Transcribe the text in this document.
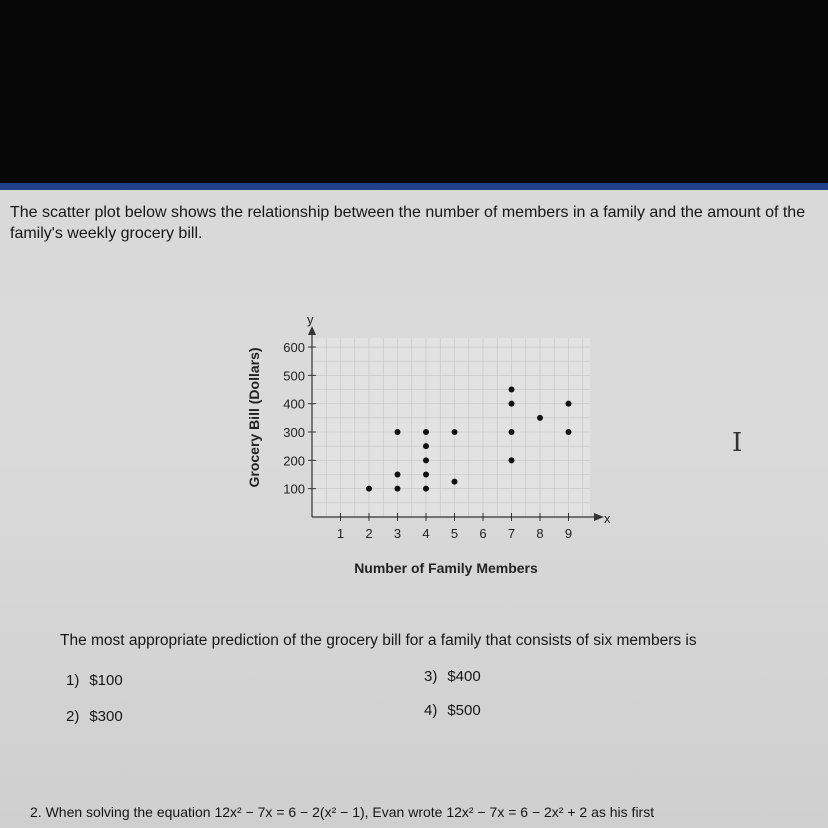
The scatter plot below shows the relationship between the number of members in a family and the amount of the family's weekly grocery bill.
x
y
1 2 3 4 5 6 7 8 9
100
200
300
400
500
600
Number of Family Members
Grocery Bill (Dollars)	I
The most appropriate prediction of the grocery bill for a family that consists of six members is
1) $100
2) $300
3) $400
4) $500
2. When solving the equation 12x² − 7x = 6 − 2(x² − 1), Evan wrote 12x² − 7x = 6 − 2x² + 2 as his first
